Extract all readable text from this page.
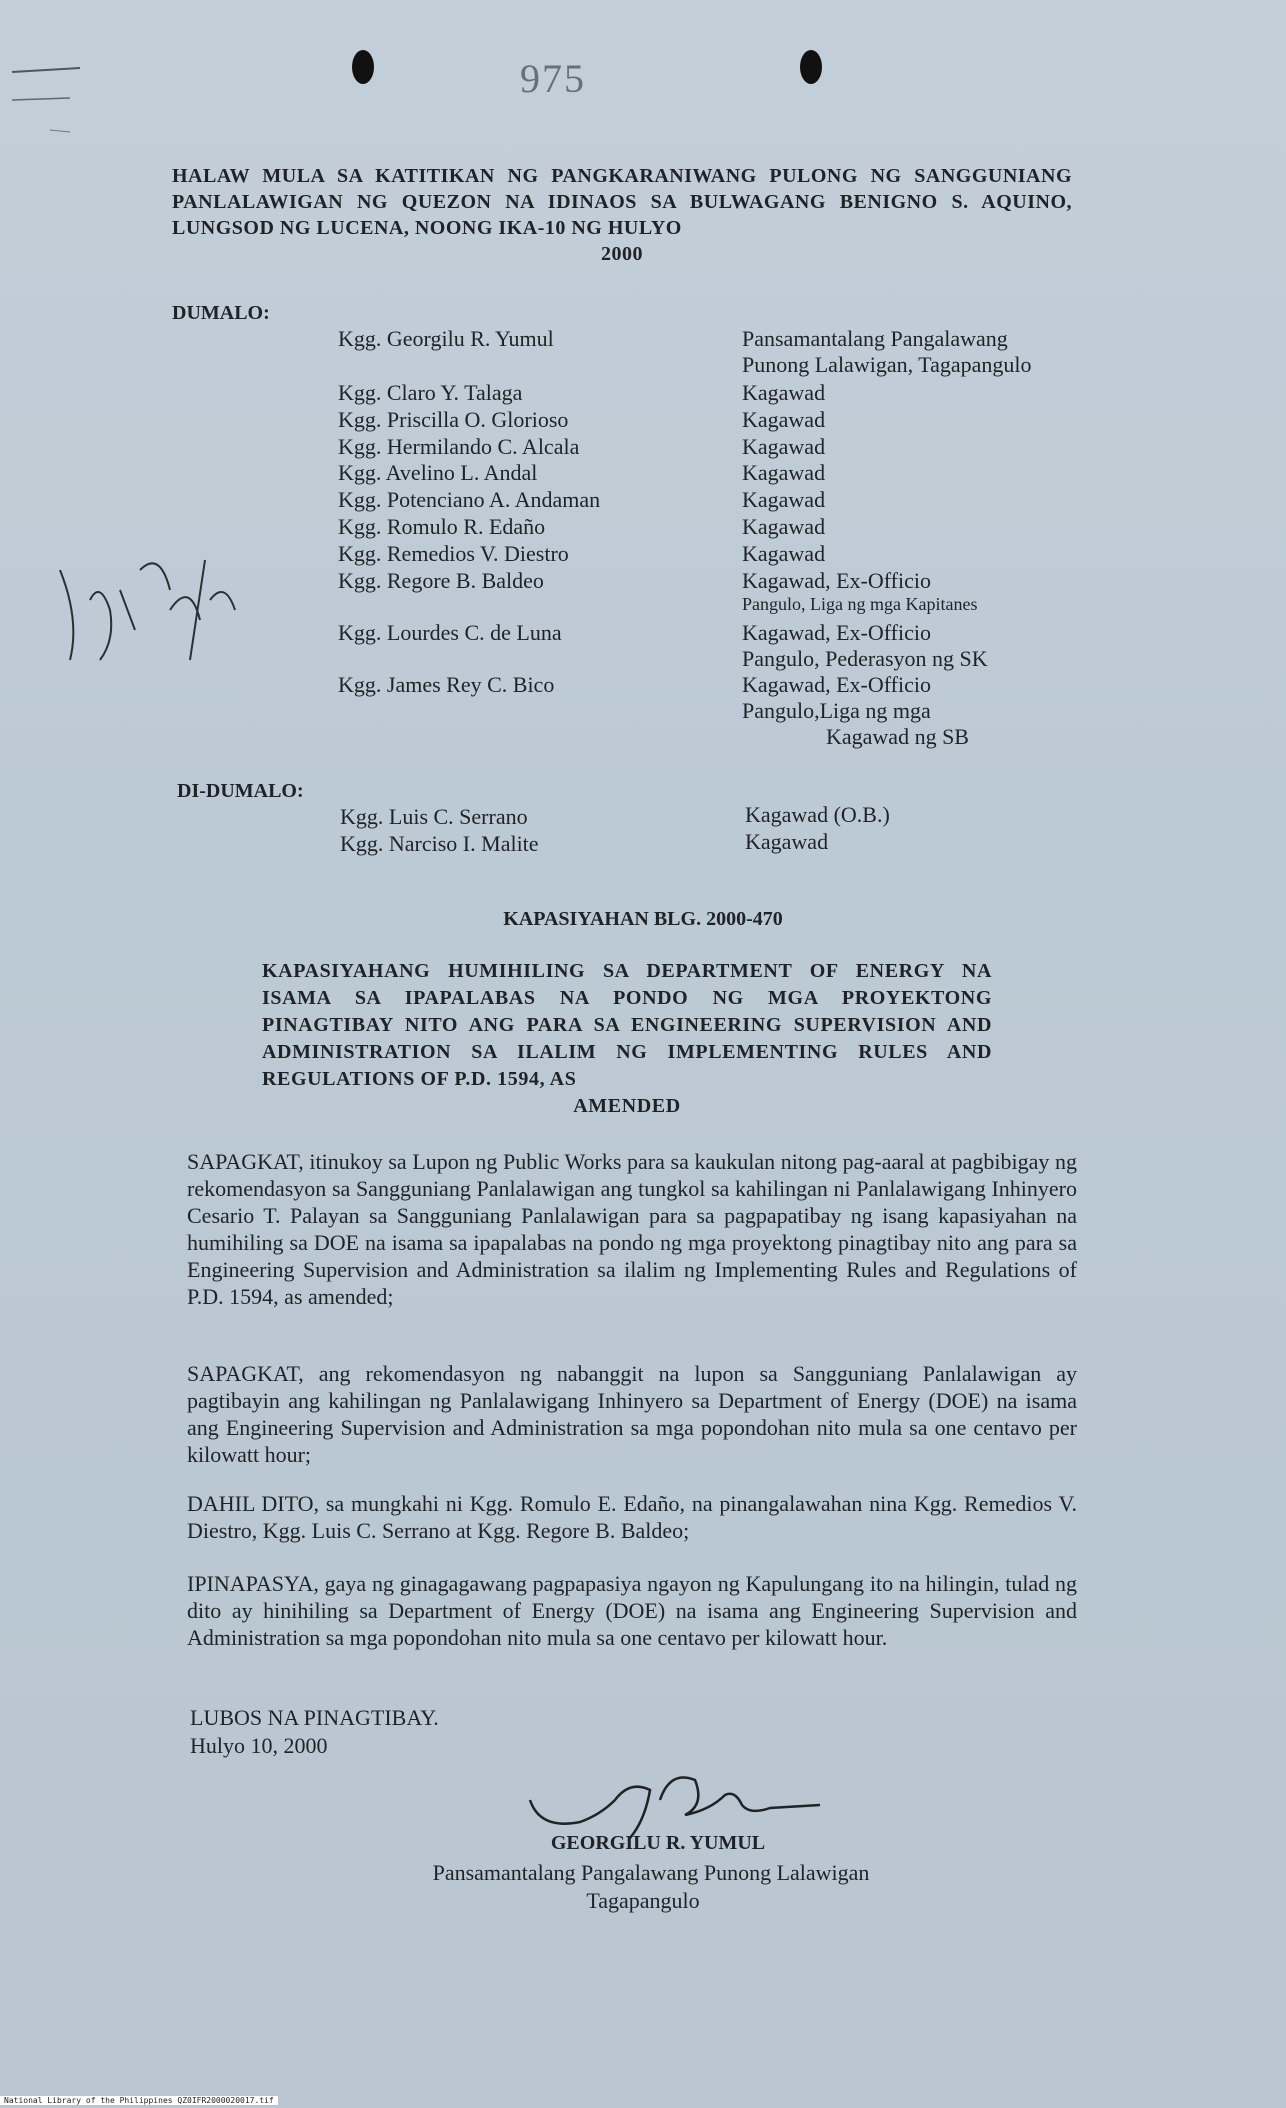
975
HALAW MULA SA KATITIKAN NG PANGKARANIWANG PULONG NG SANGGUNIANG PANLALAWIGAN NG QUEZON NA IDINAOS SA BULWAGANG BENIGNO S. AQUINO, LUNGSOD NG LUCENA, NOONG IKA-10 NG HULYO
2000
DUMALO:
Kgg. Georgilu R. Yumul	Pansamantalang Pangalawang
Punong Lalawigan, Tagapangulo
Kgg. Claro Y. Talaga	Kagawad
Kgg. Priscilla O. Glorioso	Kagawad
Kgg. Hermilando C. Alcala	Kagawad
Kgg. Avelino L. Andal	Kagawad
Kgg. Potenciano A. Andaman	Kagawad
Kgg. Romulo R. Edaño	Kagawad
Kgg. Remedios V. Diestro	Kagawad
Kgg. Regore B. Baldeo	Kagawad, Ex-Officio
Pangulo, Liga ng mga Kapitanes
Kgg. Lourdes C. de Luna	Kagawad, Ex-Officio
Pangulo, Pederasyon ng SK
Kgg. James Rey C. Bico	Kagawad, Ex-Officio
Pangulo,Liga ng mga
Kagawad ng SB
DI-DUMALO:
Kgg. Luis C. Serrano	Kagawad (O.B.)
Kgg. Narciso I. Malite	Kagawad
KAPASIYAHAN BLG. 2000-470
KAPASIYAHANG HUMIHILING SA DEPARTMENT OF ENERGY NA ISAMA SA IPAPALABAS NA PONDO NG MGA PROYEKTONG PINAGTIBAY NITO ANG PARA SA ENGINEERING SUPERVISION AND ADMINISTRATION SA ILALIM NG IMPLEMENTING RULES AND REGULATIONS OF P.D. 1594, AS
AMENDED
SAPAGKAT, itinukoy sa Lupon ng Public Works para sa kaukulan nitong pag-aaral at pagbibigay ng rekomendasyon sa Sangguniang Panlalawigan ang tungkol sa kahilingan ni Panlalawigang Inhinyero Cesario T. Palayan sa Sangguniang Panlalawigan para sa pagpapatibay ng isang kapasiyahan na humihiling sa DOE na isama sa ipapalabas na pondo ng mga proyektong pinagtibay nito ang para sa Engineering Supervision and Administration sa ilalim ng Implementing Rules and Regulations of P.D. 1594, as amended;
SAPAGKAT, ang rekomendasyon ng nabanggit na lupon sa Sangguniang Panlalawigan ay pagtibayin ang kahilingan ng Panlalawigang Inhinyero sa Department of Energy (DOE) na isama ang Engineering Supervision and Administration sa mga popondohan nito mula sa one centavo per kilowatt hour;
DAHIL DITO, sa mungkahi ni Kgg. Romulo E. Edaño, na pinangalawahan nina Kgg. Remedios V. Diestro, Kgg. Luis C. Serrano at Kgg. Regore B. Baldeo;
IPINAPASYA, gaya ng ginagagawang pagpapasiya ngayon ng Kapulungang ito na hilingin, tulad ng dito ay hinihiling sa Department of Energy (DOE) na isama ang Engineering Supervision and Administration sa mga popondohan nito mula sa one centavo per kilowatt hour.
LUBOS NA PINAGTIBAY.
Hulyo 10, 2000
GEORGILU R. YUMUL
Pansamantalang Pangalawang Punong Lalawigan
Tagapangulo
National Library of the Philippines QZ0IFR2000020017.tif
